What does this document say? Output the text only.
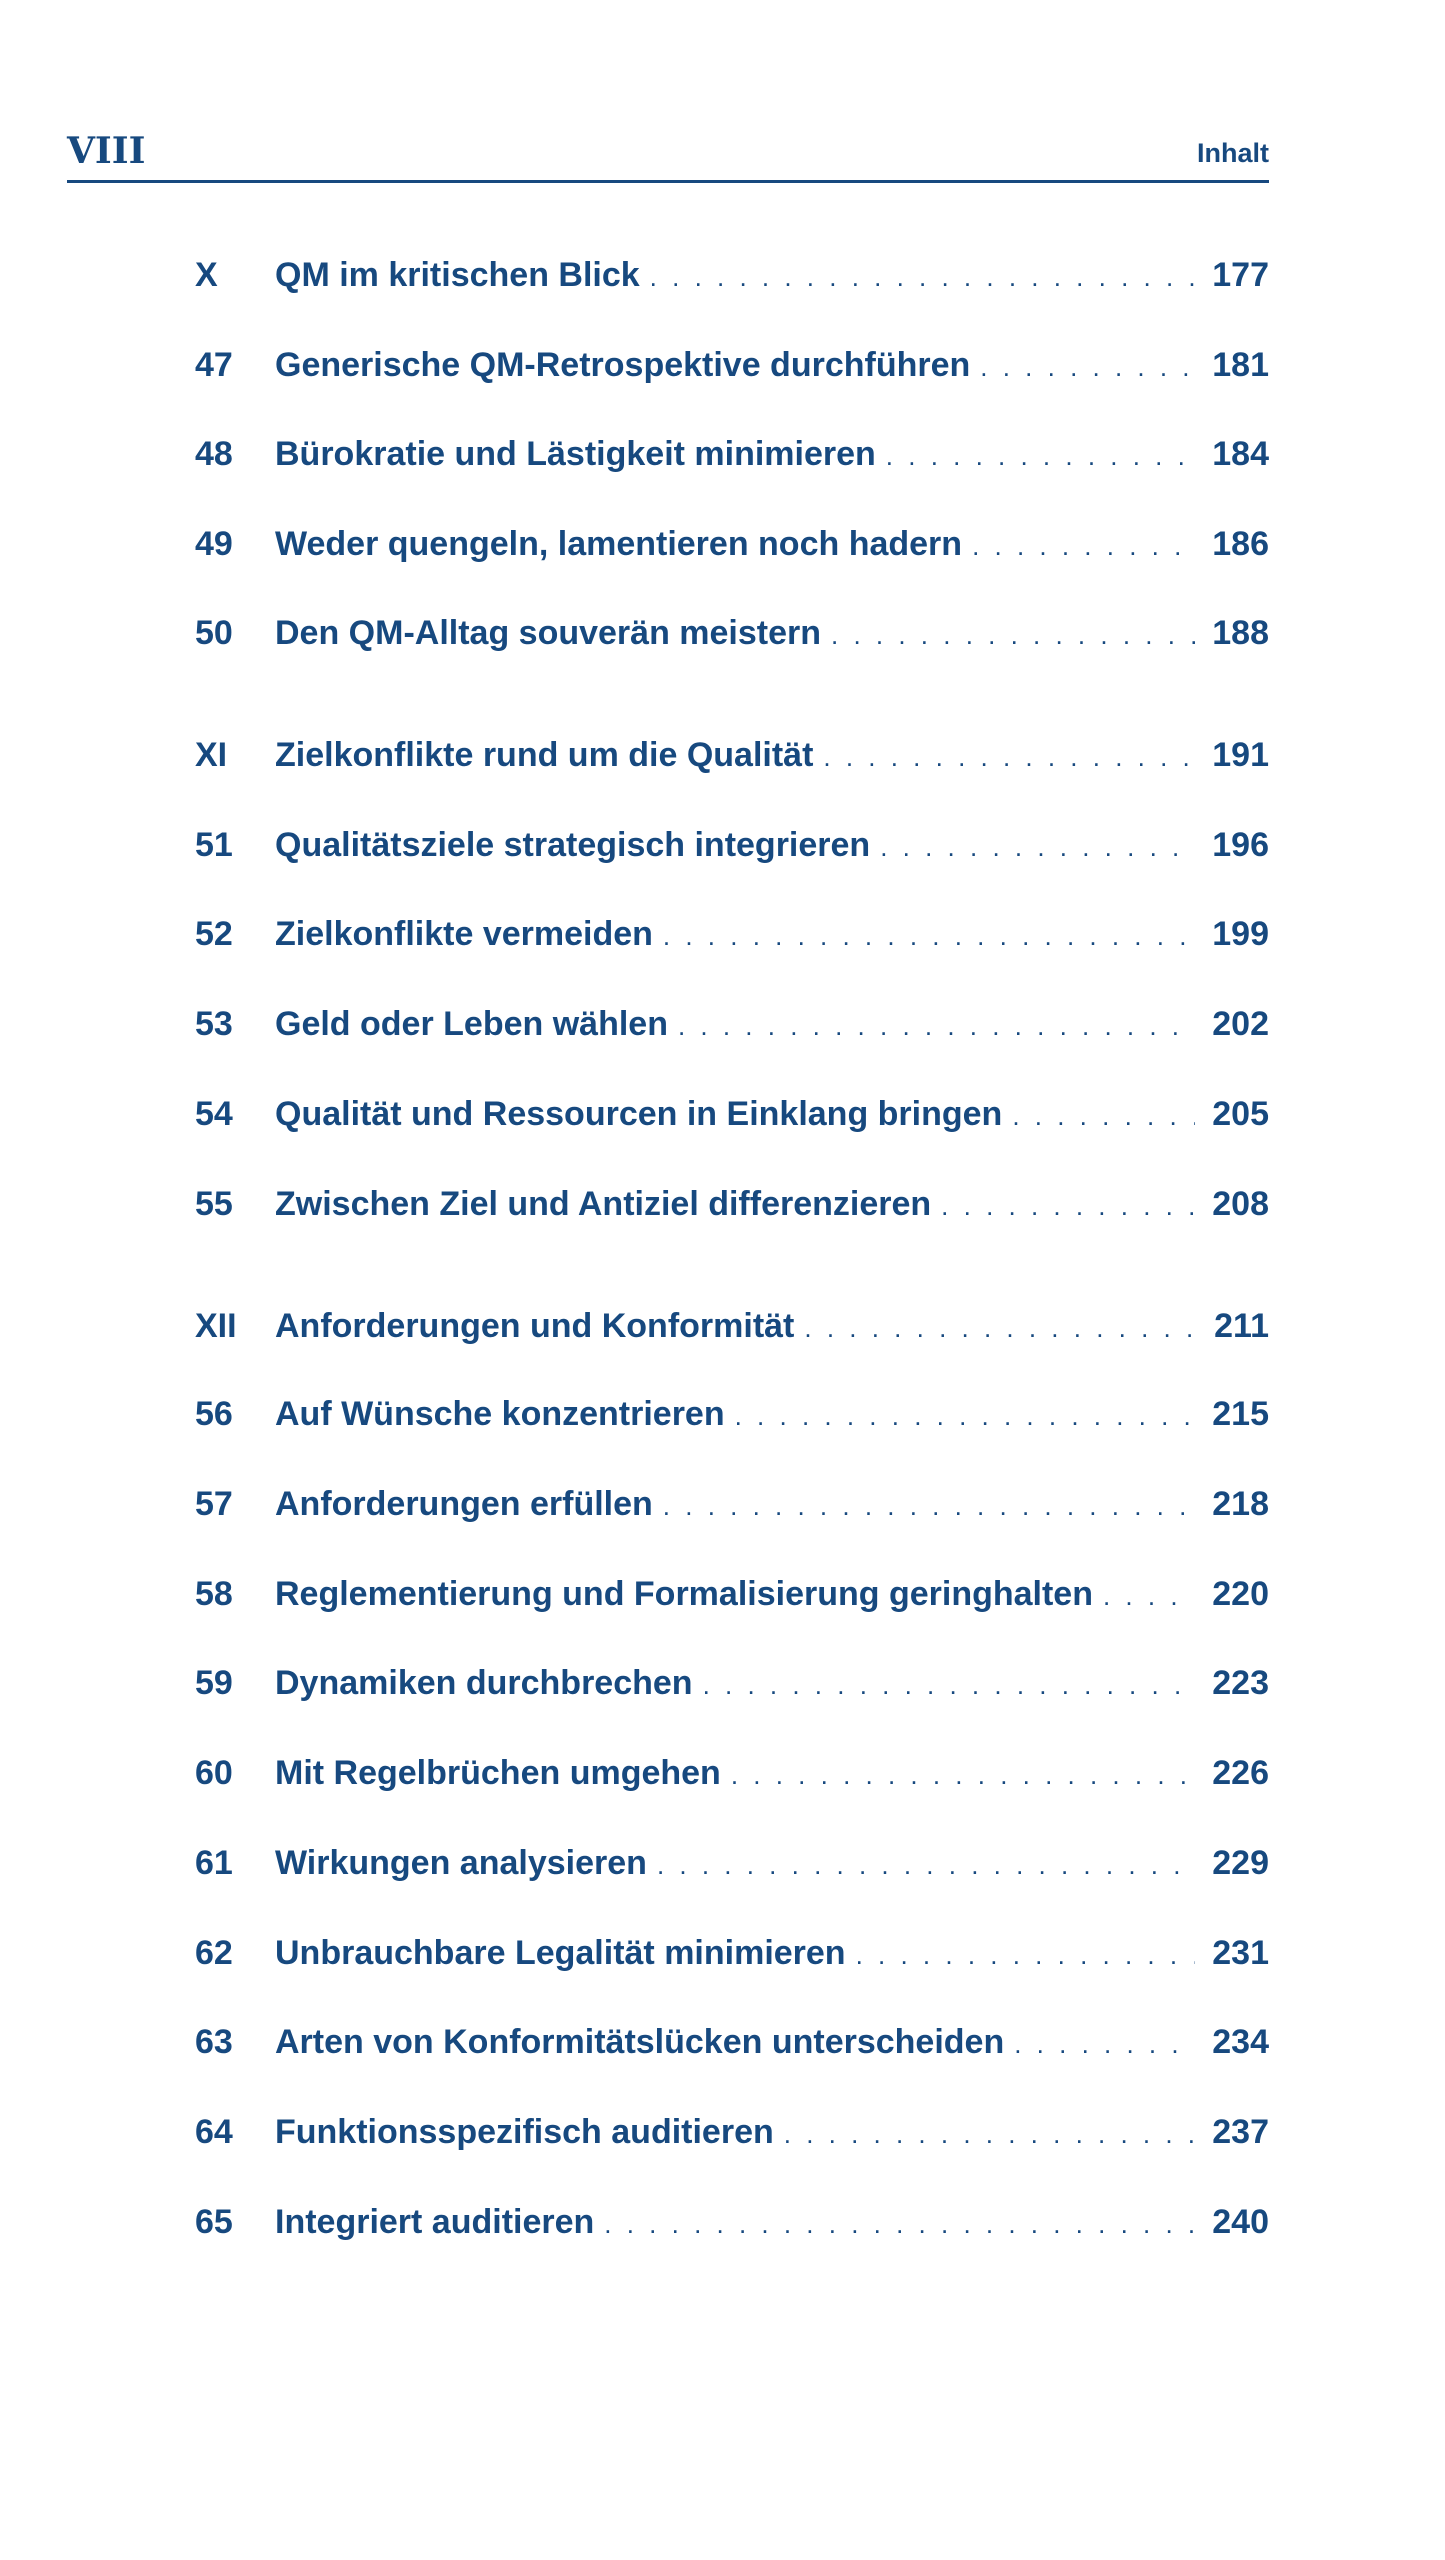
VIII	Inhalt
X	QM im kritischen Blick . . .	177
47	Generische QM-Retrospektive durchführen . . .	181
48	Bürokratie und Lästigkeit minimieren . . .	184
49	Weder quengeln, lamentieren noch hadern . . .	186
50	Den QM-Alltag souverän meistern . . .	188
XI	Zielkonflikte rund um die Qualität . . .	191
51	Qualitätsziele strategisch integrieren . . .	196
52	Zielkonflikte vermeiden . . .	199
53	Geld oder Leben wählen . . .	202
54	Qualität und Ressourcen in Einklang bringen . . .	205
55	Zwischen Ziel und Antiziel differenzieren . . .	208
XII	Anforderungen und Konformität . . .	211
56	Auf Wünsche konzentrieren . . .	215
57	Anforderungen erfüllen . . .	218
58	Reglementierung und Formalisierung geringhalten . . .	220
59	Dynamiken durchbrechen . . .	223
60	Mit Regelbrüchen umgehen . . .	226
61	Wirkungen analysieren . . .	229
62	Unbrauchbare Legalität minimieren . . .	231
63	Arten von Konformitätslücken unterscheiden . . .	234
64	Funktionsspezifisch auditieren . . .	237
65	Integriert auditieren . . .	240
